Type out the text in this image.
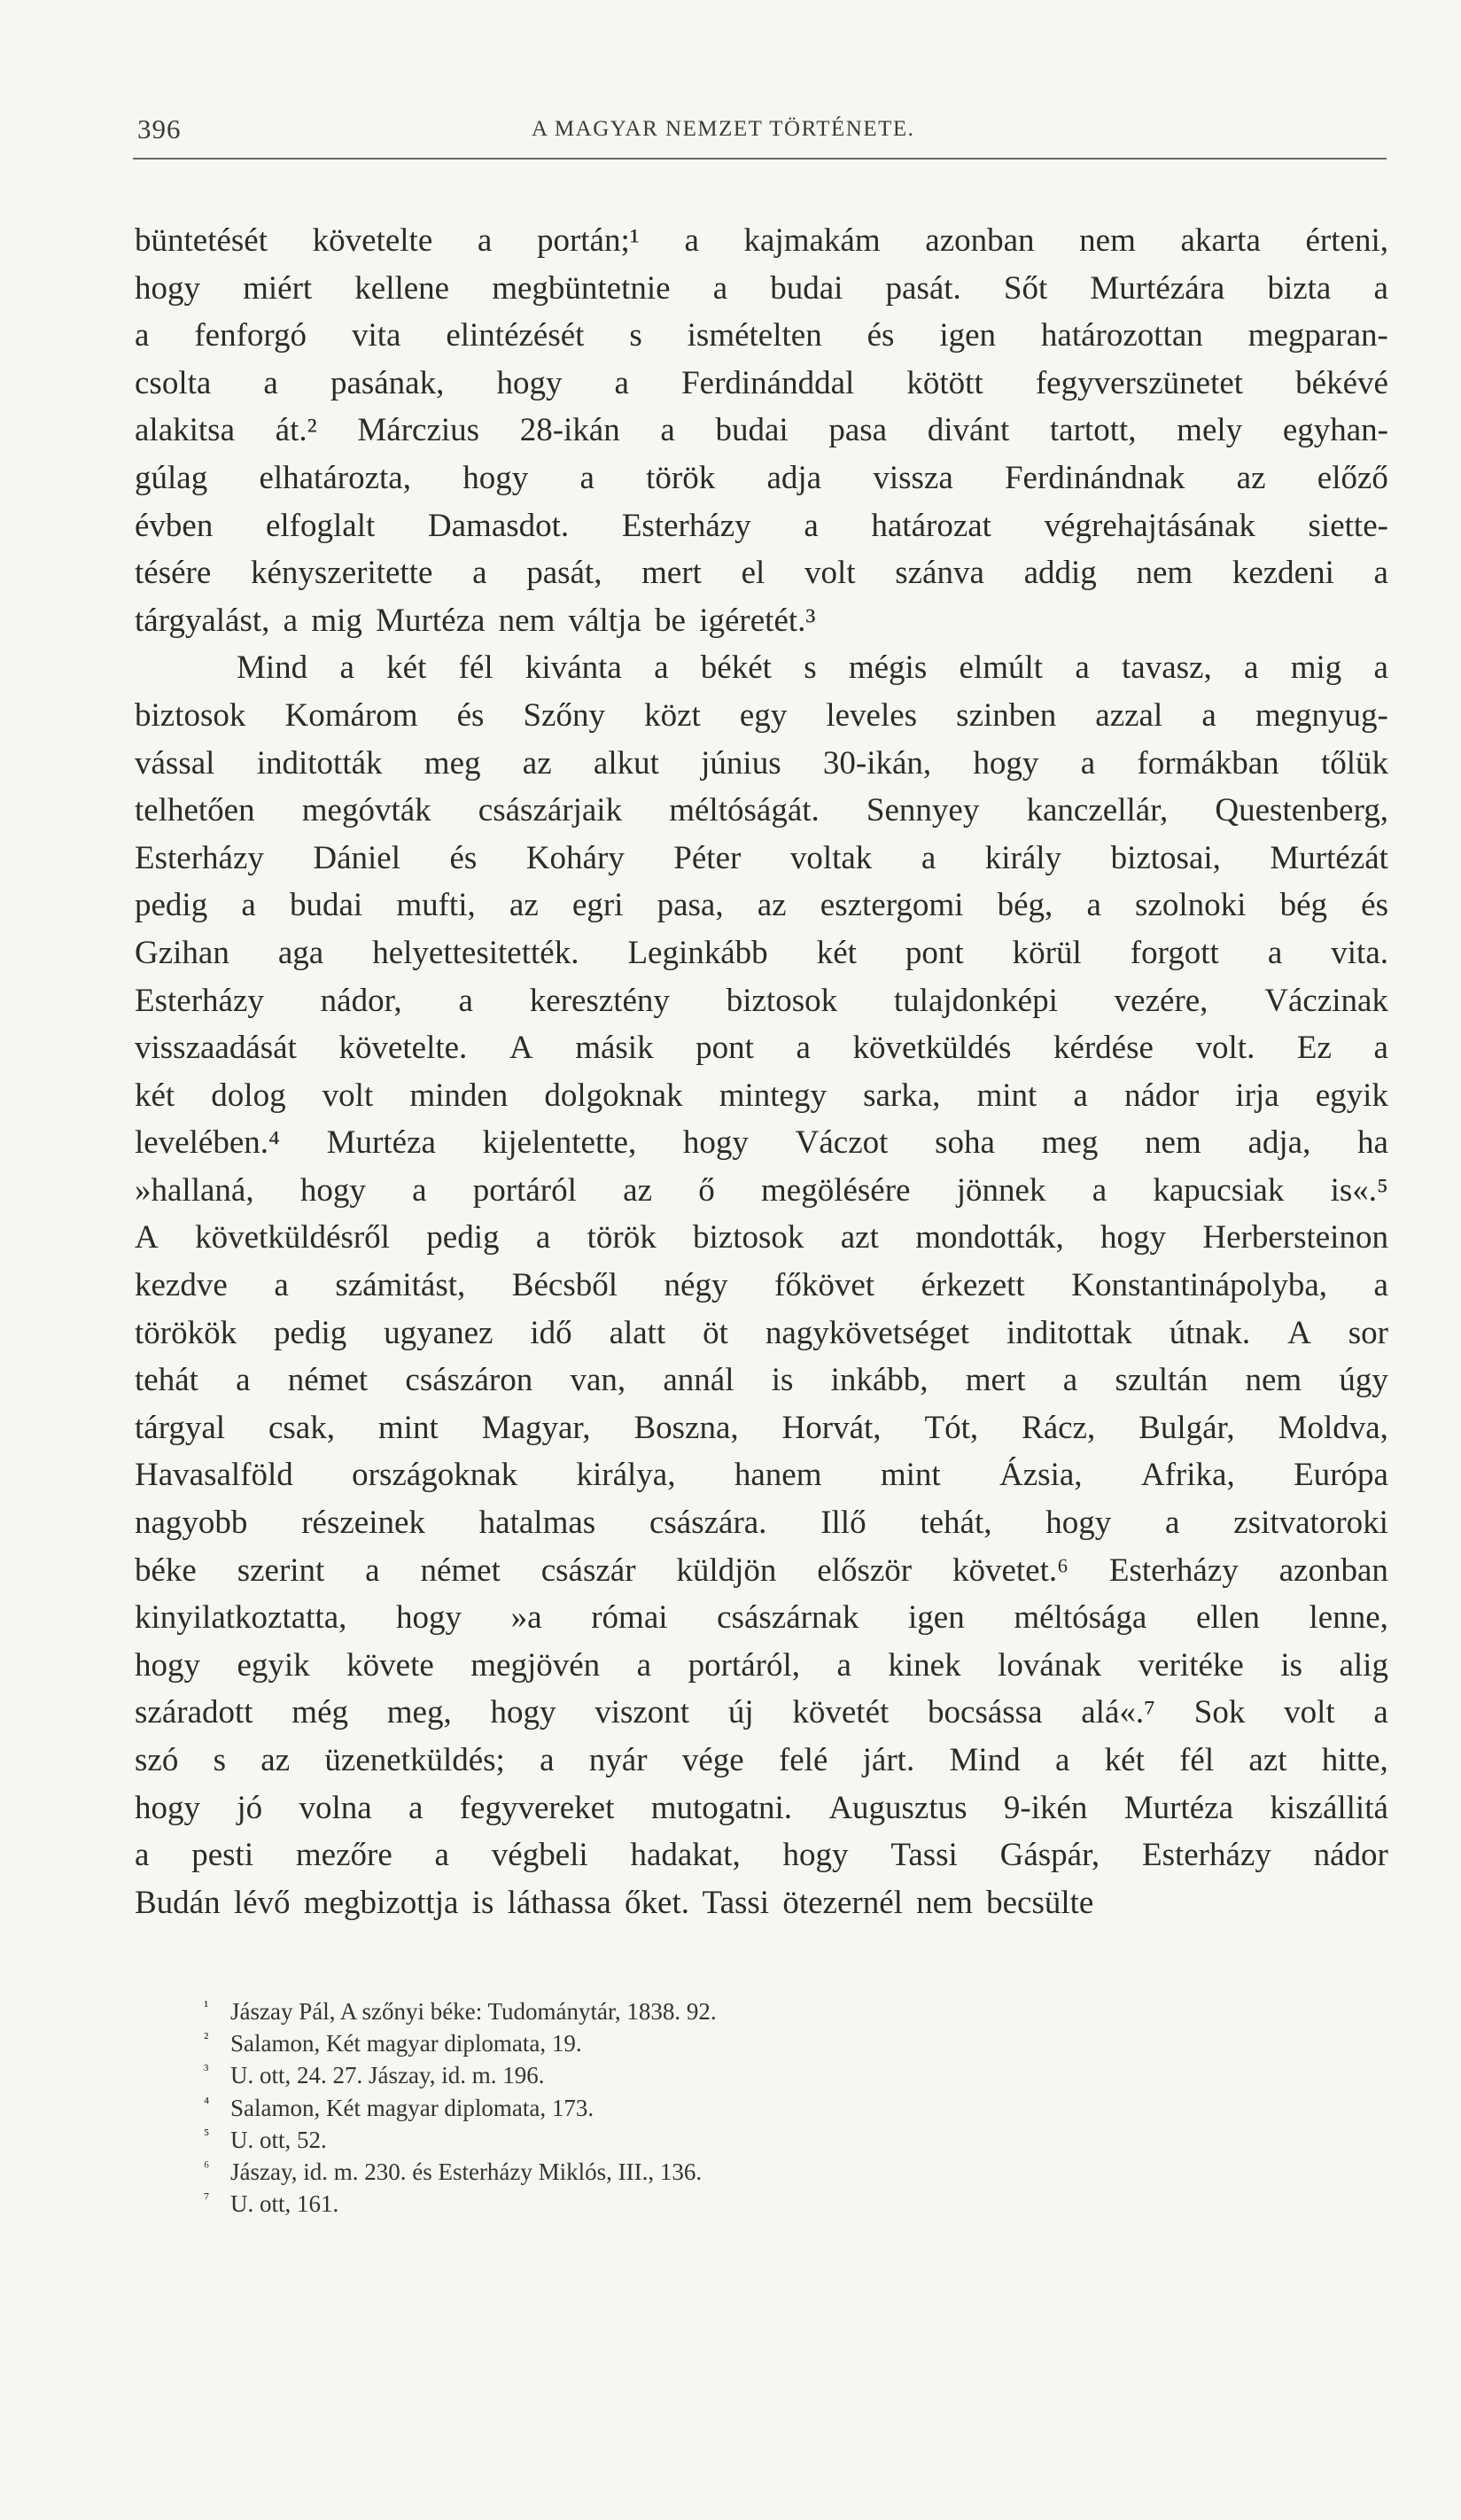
396	A MAGYAR NEMZET TÖRTÉNETE.
büntetését követelte a portán;¹ a kajmakám azonban nem akarta érteni,
hogy miért kellene megbüntetnie a budai pasát. Sőt Murtézára bizta a
a fenforgó vita elintézését s ismételten és igen határozottan megparan-
csolta a pasának, hogy a Ferdinánddal kötött fegyverszünetet békévé
alakitsa át.² Márczius 28-ikán a budai pasa divánt tartott, mely egyhan-
gúlag elhatározta, hogy a török adja vissza Ferdinándnak az előző
évben elfoglalt Damasdot. Esterházy a határozat végrehajtásának siette-
tésére kényszeritette a pasát, mert el volt szánva addig nem kezdeni a
tárgyalást, a mig Murtéza nem váltja be igéretét.³
Mind a két fél kivánta a békét s mégis elmúlt a tavasz, a mig a
biztosok Komárom és Szőny közt egy leveles szinben azzal a megnyug-
vással inditották meg az alkut június 30-ikán, hogy a formákban tőlük
telhetően megóvták császárjaik méltóságát. Sennyey kanczellár, Questenberg,
Esterházy Dániel és Koháry Péter voltak a király biztosai, Murtézát
pedig a budai mufti, az egri pasa, az esztergomi bég, a szolnoki bég és
Gzihan aga helyettesitették. Leginkább két pont körül forgott a vita.
Esterházy nádor, a keresztény biztosok tulajdonképi vezére, Váczinak
visszaadását követelte. A másik pont a követküldés kérdése volt. Ez a
két dolog volt minden dolgoknak mintegy sarka, mint a nádor irja egyik
levelében.⁴ Murtéza kijelentette, hogy Váczot soha meg nem adja, ha
»hallaná, hogy a portáról az ő megölésére jönnek a kapucsiak is«.⁵
A követküldésről pedig a török biztosok azt mondották, hogy Herbersteinon
kezdve a számitást, Bécsből négy főkövet érkezett Konstantinápolyba, a
törökök pedig ugyanez idő alatt öt nagykövetséget inditottak útnak. A sor
tehát a német császáron van, annál is inkább, mert a szultán nem úgy
tárgyal csak, mint Magyar, Boszna, Horvát, Tót, Rácz, Bulgár, Moldva,
Havasalföld országoknak királya, hanem mint Ázsia, Afrika, Európa
nagyobb részeinek hatalmas császára. Illő tehát, hogy a zsitvatoroki
béke szerint a német császár küldjön először követet.⁶ Esterházy azonban
kinyilatkoztatta, hogy »a római császárnak igen méltósága ellen lenne,
hogy egyik követe megjövén a portáról, a kinek lovának veritéke is alig
száradott még meg, hogy viszont új követét bocsássa alá«.⁷ Sok volt a
szó s az üzenetküldés; a nyár vége felé járt. Mind a két fél azt hitte,
hogy jó volna a fegyvereket mutogatni. Augusztus 9-ikén Murtéza kiszállitá
a pesti mezőre a végbeli hadakat, hogy Tassi Gáspár, Esterházy nádor
Budán lévő megbizottja is láthassa őket. Tassi ötezernél nem becsülte
¹ Jászay Pál, A szőnyi béke: Tudománytár, 1838. 92.
² Salamon, Két magyar diplomata, 19.
³ U. ott, 24. 27. Jászay, id. m. 196.
⁴ Salamon, Két magyar diplomata, 173.
⁵ U. ott, 52.
⁶ Jászay, id. m. 230. és Esterházy Miklós, III., 136.
⁷ U. ott, 161.
